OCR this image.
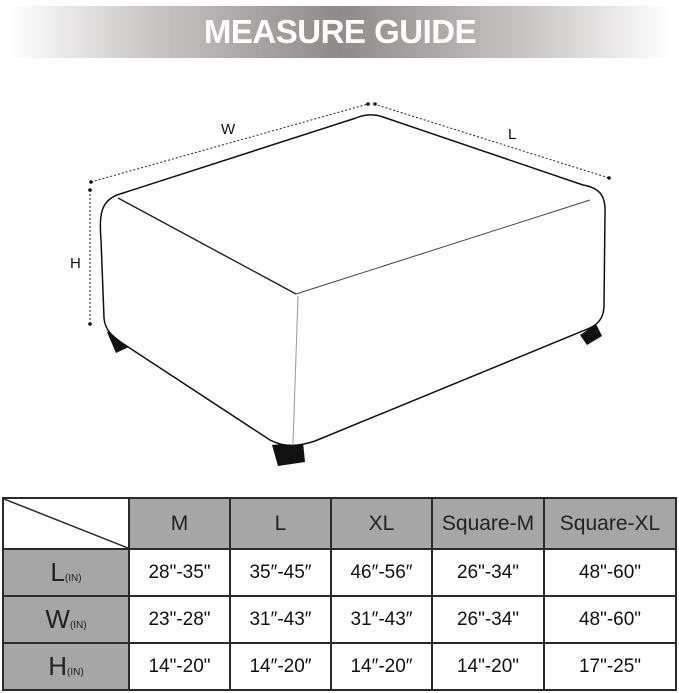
MEASURE GUIDE
W	L
H
	M	L	XL	Square-M	Square-XL
L(IN)	28"-35"	35″-45″	46″-56″	26"-34"	48"-60"
W(IN)	23"-28"	31″-43″	31″-43″	26"-34"	48"-60"
H(IN)	14"-20"	14″-20″	14″-20″	14"-20"	17"-25"
